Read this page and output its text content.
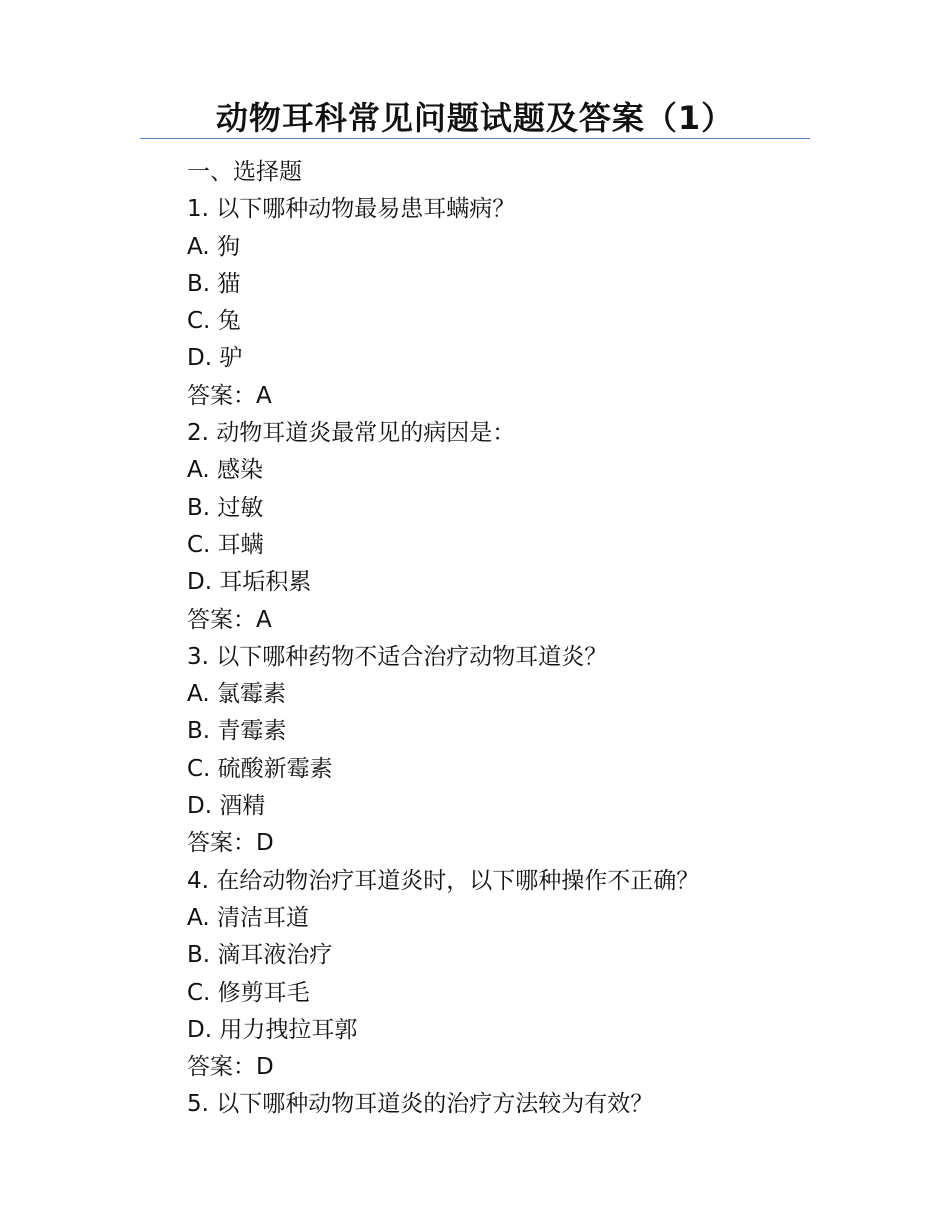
动物耳科常见问题试题及答案（1）
一、选择题
1. 以下哪种动物最易患耳螨病？
A. 狗
B. 猫
C. 兔
D. 驴
答案：A
2. 动物耳道炎最常见的病因是：
A. 感染
B. 过敏
C. 耳螨
D. 耳垢积累
答案：A
3. 以下哪种药物不适合治疗动物耳道炎？
A. 氯霉素
B. 青霉素
C. 硫酸新霉素
D. 酒精
答案：D
4. 在给动物治疗耳道炎时，以下哪种操作不正确？
A. 清洁耳道
B. 滴耳液治疗
C. 修剪耳毛
D. 用力拽拉耳郭
答案：D
5. 以下哪种动物耳道炎的治疗方法较为有效？
